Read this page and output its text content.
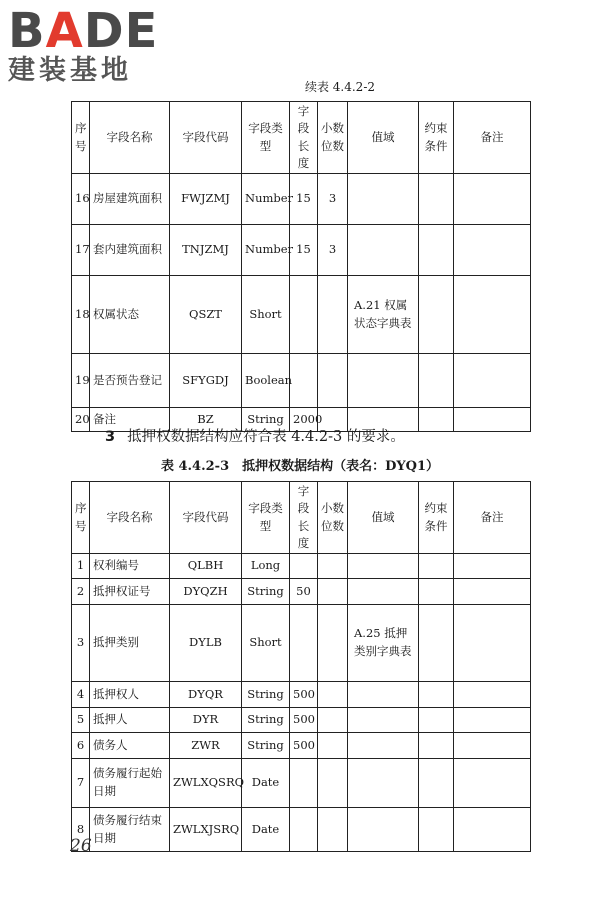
BADE
建装基地
续表 4.4.2-2
序号	字段名称	字段代码	字段类型	字段长度	小数位数	值域	约束条件	备注
16	房屋建筑面积	FWJZMJ	Number	15	3			
17	套内建筑面积	TNJZMJ	Number	15	3			
18	权属状态	QSZT	Short			A.21 权属状态字典表		
19	是否预告登记	SFYGDJ	Boolean					
20	备注	BZ	String	2000				
3 抵押权数据结构应符合表 4.4.2-3 的要求。
表 4.4.2-3　抵押权数据结构（表名：DYQ1）
序号	字段名称	字段代码	字段类型	字段长度	小数位数	值域	约束条件	备注
1	权利编号	QLBH	Long					
2	抵押权证号	DYQZH	String	50				
3	抵押类别	DYLB	Short			A.25 抵押类别字典表		
4	抵押权人	DYQR	String	500				
5	抵押人	DYR	String	500				
6	债务人	ZWR	String	500				
7	债务履行起始日期	ZWLXQSRQ	Date					
8	债务履行结束日期	ZWLXJSRQ	Date					
26
